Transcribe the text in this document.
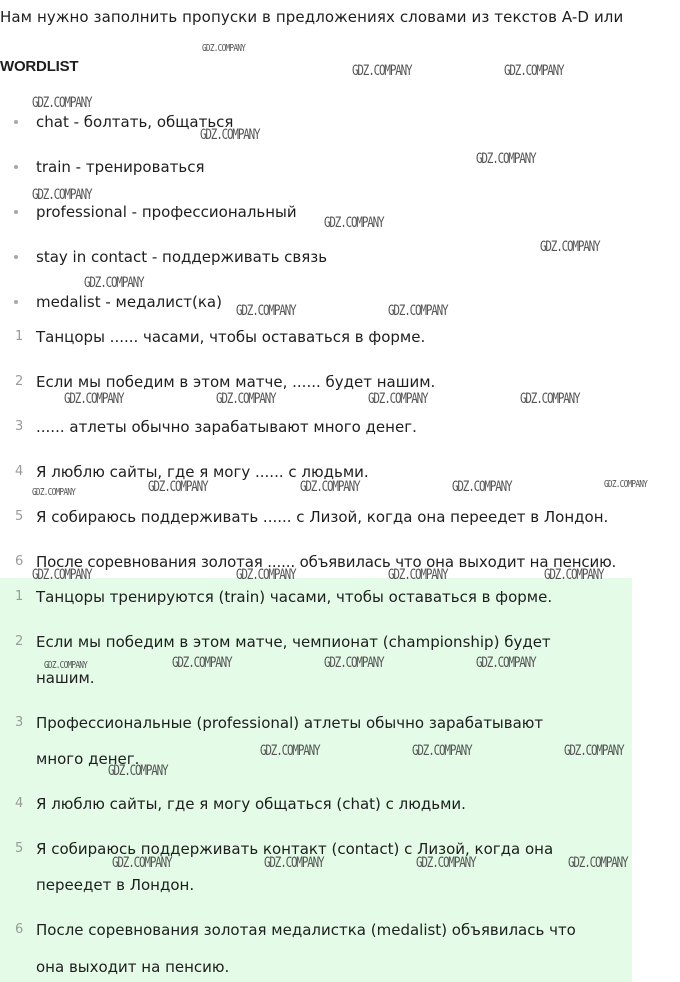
Нам нужно заполнить пропуски в предложениях словами из текстов A-D или
WORDLIST
chat - болтать, общаться
train - тренироваться
professional - профессиональный
stay in contact - поддерживать связь
medalist - медалист(ка)
1 Танцоры ...... часами, чтобы оставаться в форме.
2 Если мы победим в этом матче, ...... будет нашим.
3 ...... атлеты обычно зарабатывают много денег.
4 Я люблю сайты, где я могу ...... с людьми.
5 Я собираюсь поддерживать ...... с Лизой, когда она переедет в Лондон.
6 После соревнования золотая ...... объявилась что она выходит на пенсию.
1 Танцоры тренируются (train) часами, чтобы оставаться в форме.
2 Если мы победим в этом матче, чемпионат (championship) будет
нашим.
3 Профессиональные (professional) атлеты обычно зарабатывают
много денег.
4 Я люблю сайты, где я могу общаться (chat) с людьми.
5 Я собираюсь поддерживать контакт (contact) с Лизой, когда она
переедет в Лондон.
6 После соревнования золотая медалистка (medalist) объявилась что
она выходит на пенсию.
GDZ.COMPANY
GDZ.COMPANY	GDZ.COMPANY
GDZ.COMPANY
GDZ.COMPANY
GDZ.COMPANY
GDZ.COMPANY
GDZ.COMPANY
GDZ.COMPANY
GDZ.COMPANY
GDZ.COMPANY	GDZ.COMPANY
GDZ.COMPANY	GDZ.COMPANY	GDZ.COMPANY	GDZ.COMPANY
GDZ.COMPANY	GDZ.COMPANY	GDZ.COMPANY	GDZ.COMPANY	GDZ.COMPANY
GDZ.COMPANY	GDZ.COMPANY	GDZ.COMPANY	GDZ.COMPANY
GDZ.COMPANY	GDZ.COMPANY	GDZ.COMPANY	GDZ.COMPANY
GDZ.COMPANY	GDZ.COMPANY	GDZ.COMPANY
GDZ.COMPANY
GDZ.COMPANY	GDZ.COMPANY	GDZ.COMPANY	GDZ.COMPANY
